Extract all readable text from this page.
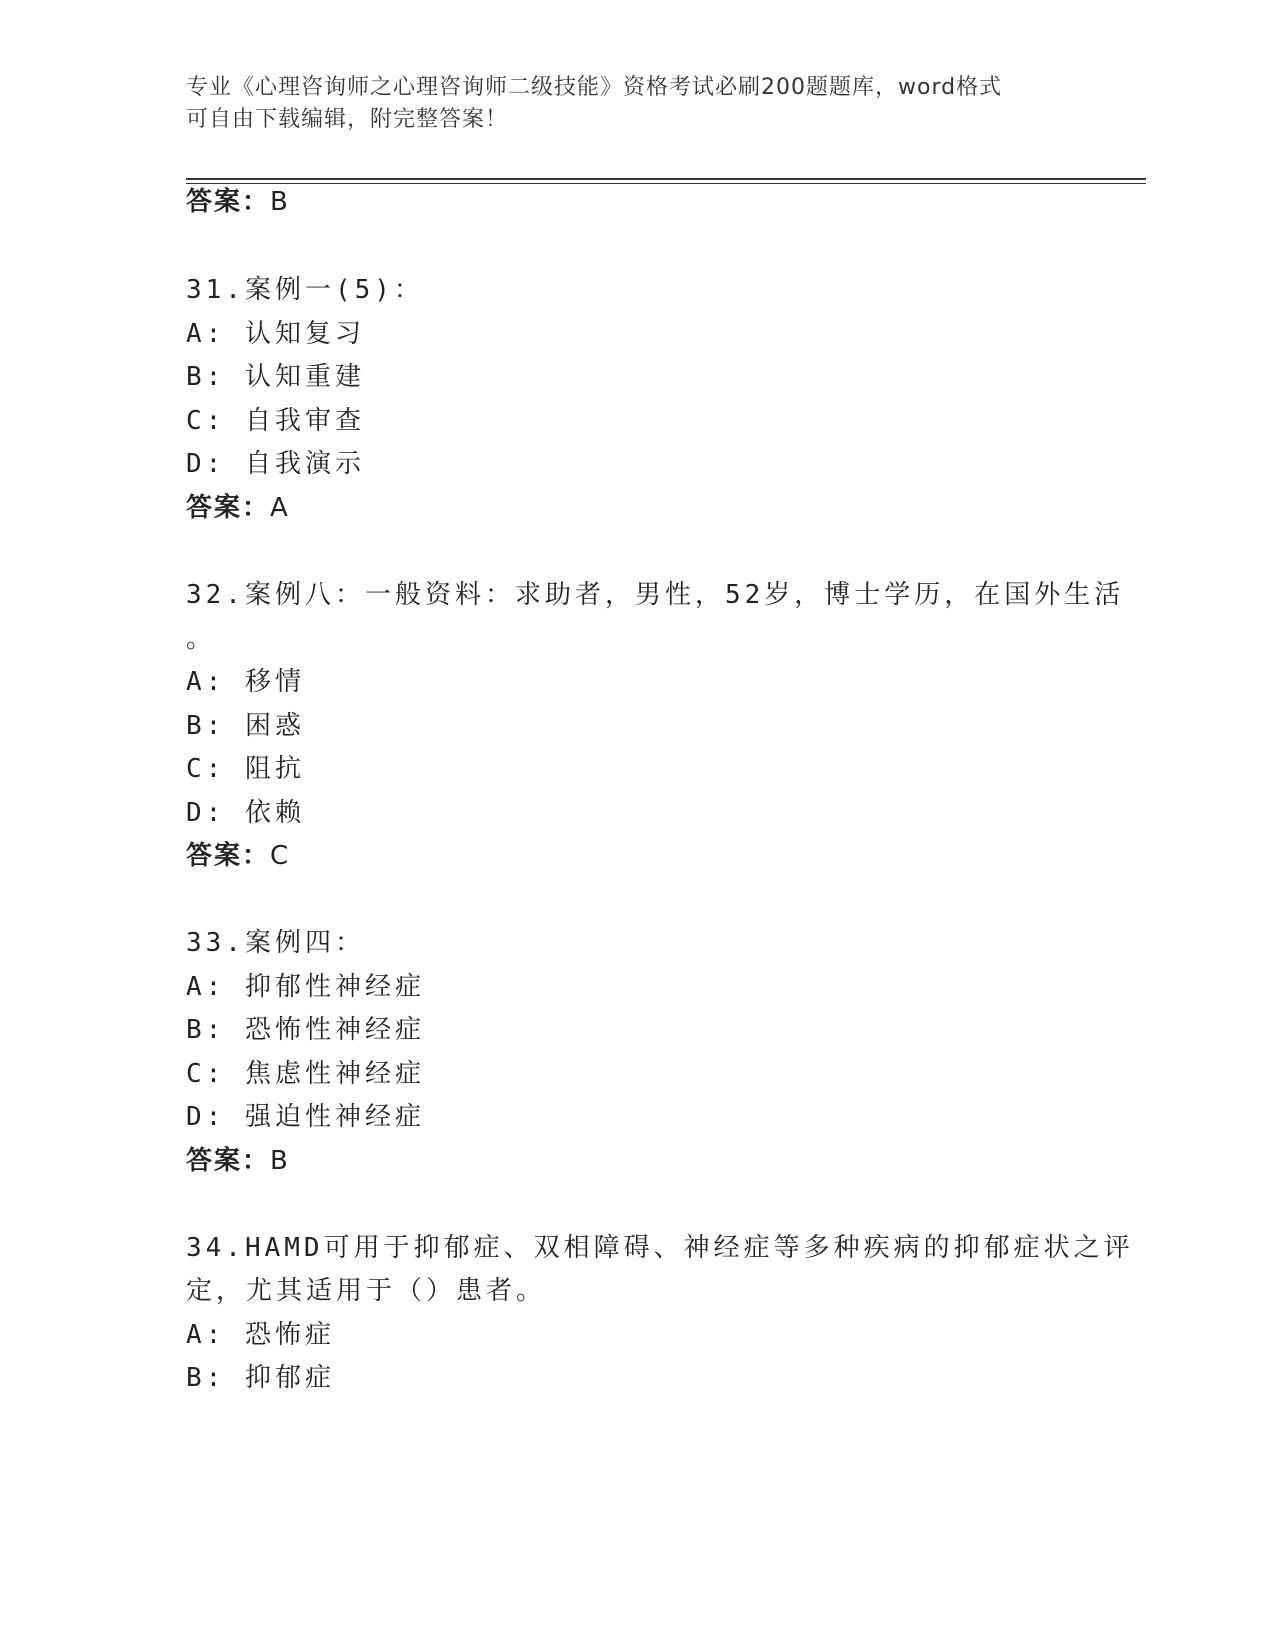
专业《心理咨询师之心理咨询师二级技能》资格考试必刷200题题库，word格式
可自由下载编辑，附完整答案！
答案：B
31.案例一(5)：
A: 认知复习
B: 认知重建
C: 自我审查
D: 自我演示
答案：A
32.案例八：一般资料：求助者，男性，52岁，博士学历，在国外生活
。
A: 移情
B: 困惑
C: 阻抗
D: 依赖
答案：C
33.案例四：
A: 抑郁性神经症
B: 恐怖性神经症
C: 焦虑性神经症
D: 强迫性神经症
答案：B
34.HAMD可用于抑郁症、双相障碍、神经症等多种疾病的抑郁症状之评
定，尤其适用于（）患者。
A: 恐怖症
B: 抑郁症
